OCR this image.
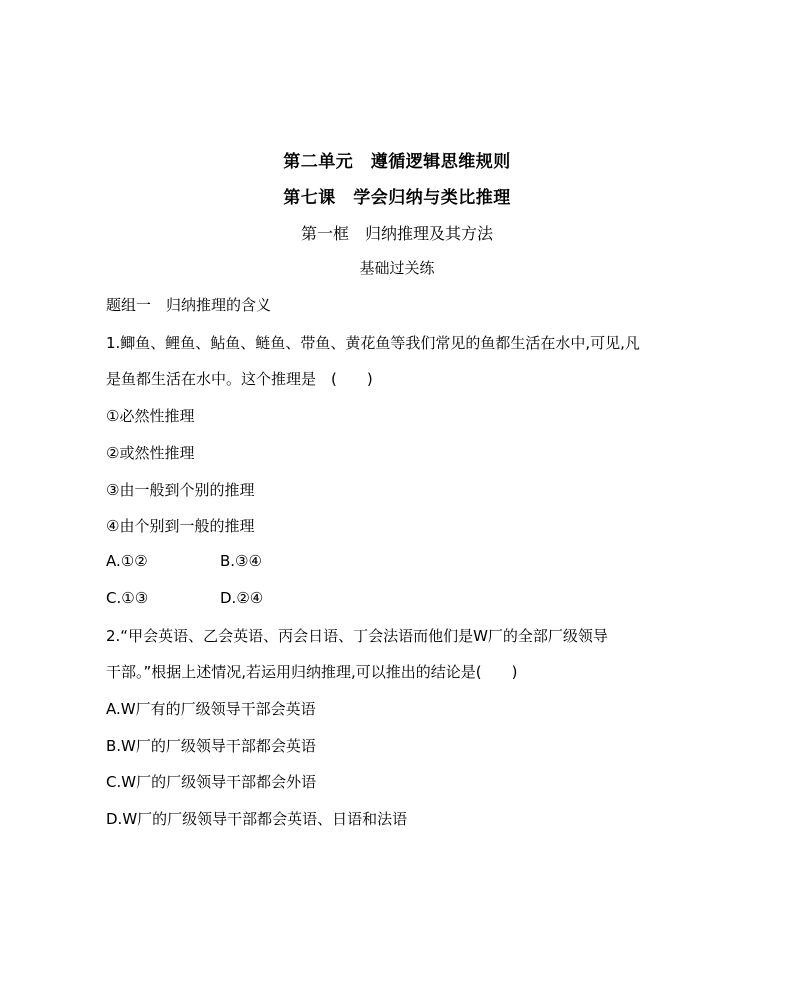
第二单元　遵循逻辑思维规则
第七课　学会归纳与类比推理
第一框　归纳推理及其方法
基础过关练
题组一　归纳推理的含义
1.鲫鱼、鲤鱼、鲇鱼、鲢鱼、带鱼、黄花鱼等我们常见的鱼都生活在水中,可见,凡
是鱼都生活在水中。这个推理是　(　　)
①必然性推理
②或然性推理
③由一般到个别的推理
④由个别到一般的推理
A.①②	B.③④
C.①③	D.②④
2.“甲会英语、乙会英语、丙会日语、丁会法语而他们是W厂的全部厂级领导
干部。”根据上述情况,若运用归纳推理,可以推出的结论是(　　)
A.W厂有的厂级领导干部会英语
B.W厂的厂级领导干部都会英语
C.W厂的厂级领导干部都会外语
D.W厂的厂级领导干部都会英语、日语和法语
